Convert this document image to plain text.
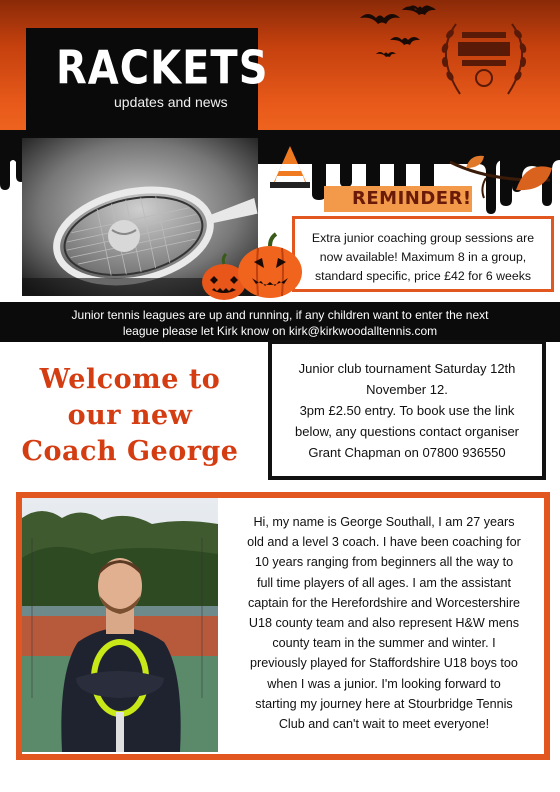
RACKETS
updates and news
REMINDER!
Extra junior coaching group sessions are
now available! Maximum 8 in a group,
standard specific, price £42 for 6 weeks
Junior tennis leagues are up and running, if any children want to enter the next
league please let Kirk know on kirk@kirkwoodalltennis.com
Welcome to
our new
Coach George
Junior club tournament Saturday 12th
November 12.
3pm £2.50 entry. To book use the link
below, any questions contact organiser
Grant Chapman on 07800 936550
Hi, my name is George Southall, I am 27 years
old and a level 3 coach. I have been coaching for
10 years ranging from beginners all the way to
full time players of all ages. I am the assistant
captain for the Herefordshire and Worcestershire
U18 county team and also represent H&W mens
county team in the summer and winter. I
previously played for Staffordshire U18 boys too
when I was a junior. I'm looking forward to
starting my journey here at Stourbridge Tennis
Club and can't wait to meet everyone!
